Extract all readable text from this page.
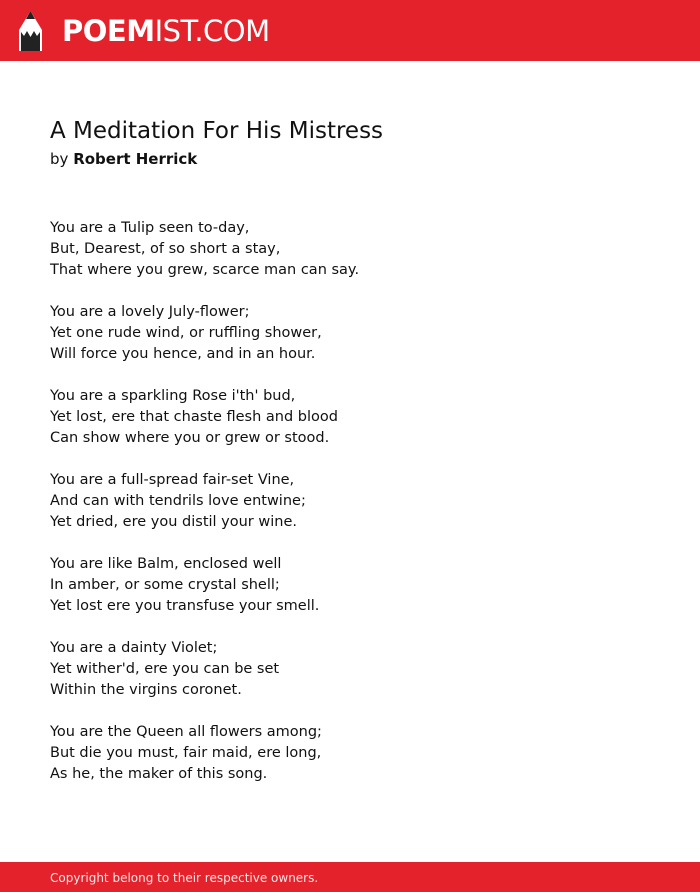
POEMIST.COM
A Meditation For His Mistress
by Robert Herrick
You are a Tulip seen to-day,
But, Dearest, of so short a stay,
That where you grew, scarce man can say.
You are a lovely July-flower;
Yet one rude wind, or ruffling shower,
Will force you hence, and in an hour.
You are a sparkling Rose i'th' bud,
Yet lost, ere that chaste flesh and blood
Can show where you or grew or stood.
You are a full-spread fair-set Vine,
And can with tendrils love entwine;
Yet dried, ere you distil your wine.
You are like Balm, enclosed well
In amber, or some crystal shell;
Yet lost ere you transfuse your smell.
You are a dainty Violet;
Yet wither'd, ere you can be set
Within the virgins coronet.
You are the Queen all flowers among;
But die you must, fair maid, ere long,
As he, the maker of this song.
Copyright belong to their respective owners.
